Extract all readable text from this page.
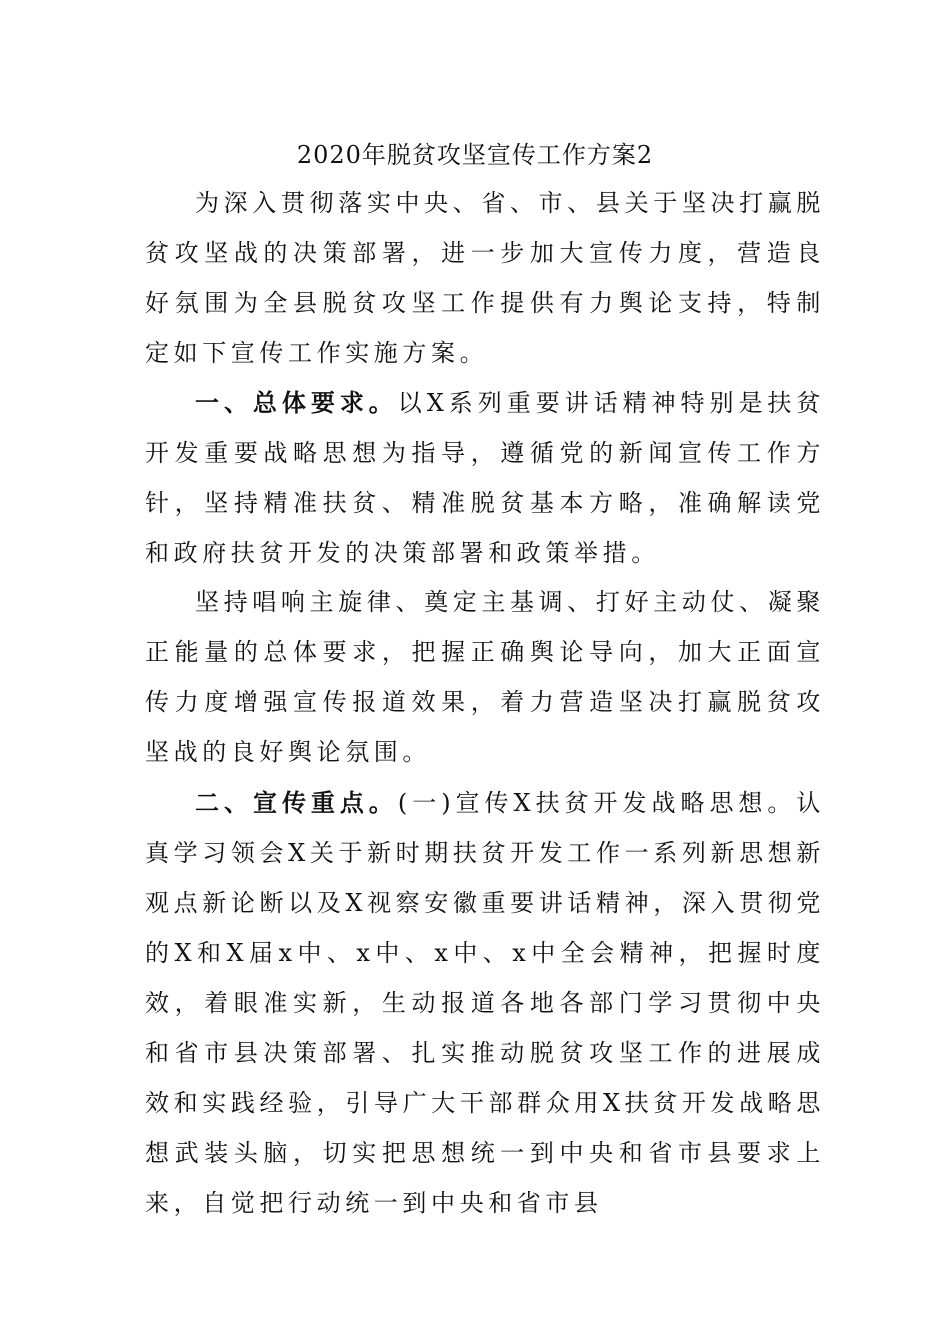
2020年脱贫攻坚宣传工作方案2

为深入贯彻落实中央、省、市、县关于坚决打赢脱贫攻坚战的决策部署，进一步加大宣传力度，营造良好氛围为全县脱贫攻坚工作提供有力舆论支持，特制定如下宣传工作实施方案。

一、总体要求。以X系列重要讲话精神特别是扶贫开发重要战略思想为指导，遵循党的新闻宣传工作方针，坚持精准扶贫、精准脱贫基本方略，准确解读党和政府扶贫开发的决策部署和政策举措。

坚持唱响主旋律、奠定主基调、打好主动仗、凝聚正能量的总体要求，把握正确舆论导向，加大正面宣传力度增强宣传报道效果，着力营造坚决打赢脱贫攻坚战的良好舆论氛围。

二、宣传重点。(一)宣传X扶贫开发战略思想。认真学习领会X关于新时期扶贫开发工作一系列新思想新观点新论断以及X视察安徽重要讲话精神，深入贯彻党的X和X届x中、x中、x中、x中全会精神，把握时度效，着眼准实新，生动报道各地各部门学习贯彻中央和省市县决策部署、扎实推动脱贫攻坚工作的进展成效和实践经验，引导广大干部群众用X扶贫开发战略思想武装头脑，切实把思想统一到中央和省市县要求上来，自觉把行动统一到中央和省市县
